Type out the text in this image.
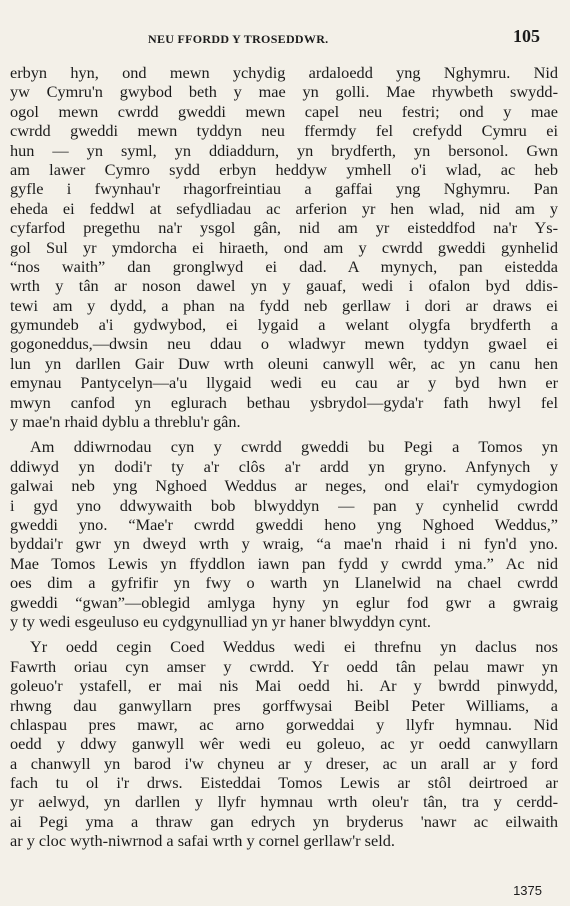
NEU FFORDD Y TROSEDDWR.	105
erbyn hyn, ond mewn ychydig ardaloedd yng Nghymru. Nid
yw Cymru'n gwybod beth y mae yn golli. Mae rhywbeth swydd-
ogol mewn cwrdd gweddi mewn capel neu festri; ond y mae
cwrdd gweddi mewn tyddyn neu ffermdy fel crefydd Cymru ei
hun — yn syml, yn ddiaddurn, yn brydferth, yn bersonol. Gwn
am lawer Cymro sydd erbyn heddyw ymhell o'i wlad, ac heb
gyfle i fwynhau'r rhagorfreintiau a gaffai yng Nghymru. Pan
eheda ei feddwl at sefydliadau ac arferion yr hen wlad, nid am y
cyfarfod pregethu na'r ysgol gân, nid am yr eisteddfod na'r Ys-
gol Sul yr ymdorcha ei hiraeth, ond am y cwrdd gweddi gynhelid
“nos waith” dan gronglwyd ei dad. A mynych, pan eistedda
wrth y tân ar noson dawel yn y gauaf, wedi i ofalon byd ddis-
tewi am y dydd, a phan na fydd neb gerllaw i dori ar draws ei
gymundeb a'i gydwybod, ei lygaid a welant olygfa brydferth a
gogoneddus,—dwsin neu ddau o wladwyr mewn tyddyn gwael ei
lun yn darllen Gair Duw wrth oleuni canwyll wêr, ac yn canu hen
emynau Pantycelyn—a'u llygaid wedi eu cau ar y byd hwn er
mwyn canfod yn eglurach bethau ysbrydol—gyda'r fath hwyl fel
y mae'n rhaid dyblu a threblu'r gân.
Am ddiwrnodau cyn y cwrdd gweddi bu Pegi a Tomos yn
ddiwyd yn dodi'r ty a'r clôs a'r ardd yn gryno. Anfynych y
galwai neb yng Nghoed Weddus ar neges, ond elai'r cymydogion
i gyd yno ddwywaith bob blwyddyn — pan y cynhelid cwrdd
gweddi yno. “Mae'r cwrdd gweddi heno yng Nghoed Weddus,”
byddai'r gwr yn dweyd wrth y wraig, “a mae'n rhaid i ni fyn'd yno.
Mae Tomos Lewis yn ffyddlon iawn pan fydd y cwrdd yma.” Ac nid
oes dim a gyfrifir yn fwy o warth yn Llanelwid na chael cwrdd
gweddi “gwan”—oblegid amlyga hyny yn eglur fod gwr a gwraig
y ty wedi esgeuluso eu cydgynulliad yn yr haner blwyddyn cynt.
Yr oedd cegin Coed Weddus wedi ei threfnu yn daclus nos
Fawrth oriau cyn amser y cwrdd. Yr oedd tân pelau mawr yn
goleuo'r ystafell, er mai nis Mai oedd hi. Ar y bwrdd pinwydd,
rhwng dau ganwyllarn pres gorffwysai Beibl Peter Williams, a
chlaspau pres mawr, ac arno gorweddai y llyfr hymnau. Nid
oedd y ddwy ganwyll wêr wedi eu goleuo, ac yr oedd canwyllarn
a chanwyll yn barod i'w chyneu ar y dreser, ac un arall ar y ford
fach tu ol i'r drws. Eisteddai Tomos Lewis ar stôl deirtroed ar
yr aelwyd, yn darllen y llyfr hymnau wrth oleu'r tân, tra y cerdd-
ai Pegi yma a thraw gan edrych yn bryderus 'nawr ac eilwaith
ar y cloc wyth-niwrnod a safai wrth y cornel gerllaw'r seld.
1375
